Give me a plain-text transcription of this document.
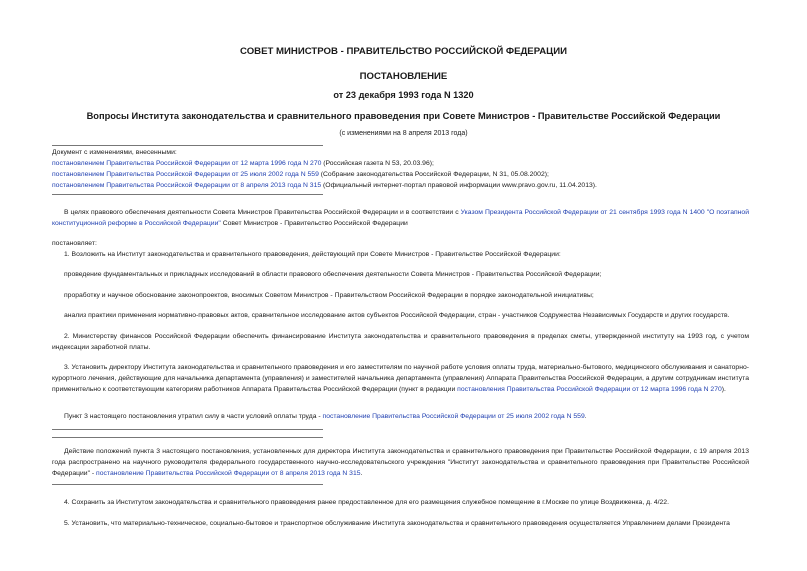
СОВЕТ МИНИСТРОВ - ПРАВИТЕЛЬСТВО РОССИЙСКОЙ ФЕДЕРАЦИИ
ПОСТАНОВЛЕНИЕ
от 23 декабря 1993 года N 1320
Вопросы Института законодательства и сравнительного правоведения при Совете Министров - Правительстве Российской Федерации
(с изменениями на 8 апреля 2013 года)
Документ с изменениями, внесенными:
постановлением Правительства Российской Федерации от 12 марта 1996 года N 270 (Российская газета N 53, 20.03.96);
постановлением Правительства Российской Федерации от 25 июля 2002 года N 559 (Собрание законодательства Российской Федерации, N 31, 05.08.2002);
постановлением Правительства Российской Федерации от 8 апреля 2013 года N 315 (Официальный интернет-портал правовой информации www.pravo.gov.ru, 11.04.2013).
В целях правового обеспечения деятельности Совета Министров Правительства Российской Федерации и в соответствии с Указом Президента Российской Федерации от 21 сентября 1993 года N 1400 "О поэтапной конституционной реформе в Российской Федерации" Совет Министров - Правительство Российской Федерации
постановляет:
1. Возложить на Институт законодательства и сравнительного правоведения, действующий при Совете Министров - Правительстве Российской Федерации:
проведение фундаментальных и прикладных исследований в области правового обеспечения деятельности Совета Министров - Правительства Российской Федерации;
проработку и научное обоснование законопроектов, вносимых Советом Министров - Правительством Российской Федерации в порядке законодательной инициативы;
анализ практики применения нормативно-правовых актов, сравнительное исследование актов субъектов Российской Федерации, стран - участников Содружества Независимых Государств и других государств.
2. Министерству финансов Российской Федерации обеспечить финансирование Института законодательства и сравнительного правоведения в пределах сметы, утвержденной институту на 1993 год, с учетом индексации заработной платы.
3. Установить директору Института законодательства и сравнительного правоведения и его заместителям по научной работе условия оплаты труда, материально-бытового, медицинского обслуживания и санаторно-курортного лечения, действующие для начальника департамента (управления) и заместителей начальника департамента (управления) Аппарата Правительства Российской Федерации, а другим сотрудникам института применительно к соответствующим категориям работников Аппарата Правительства Российской Федерации (пункт в редакции постановления Правительства Российской Федерации от 12 марта 1996 года N 270).
Пункт 3 настоящего постановления утратил силу в части условий оплаты труда - постановление Правительства Российской Федерации от 25 июля 2002 года N 559.
Действие положений пункта 3 настоящего постановления, установленных для директора Института законодательства и сравнительного правоведения при Правительстве Российской Федерации, с 19 апреля 2013 года распространено на научного руководителя федерального государственного научно-исследовательского учреждения "Институт законодательства и сравнительного правоведения при Правительстве Российской Федерации" - постановление Правительства Российской Федерации от 8 апреля 2013 года N 315.
4. Сохранить за Институтом законодательства и сравнительного правоведения ранее предоставленное для его размещения служебное помещение в г.Москве по улице Воздвиженка, д. 4/22.
5. Установить, что материально-техническое, социально-бытовое и транспортное обслуживание Института законодательства и сравнительного правоведения осуществляется Управлением делами Президента
